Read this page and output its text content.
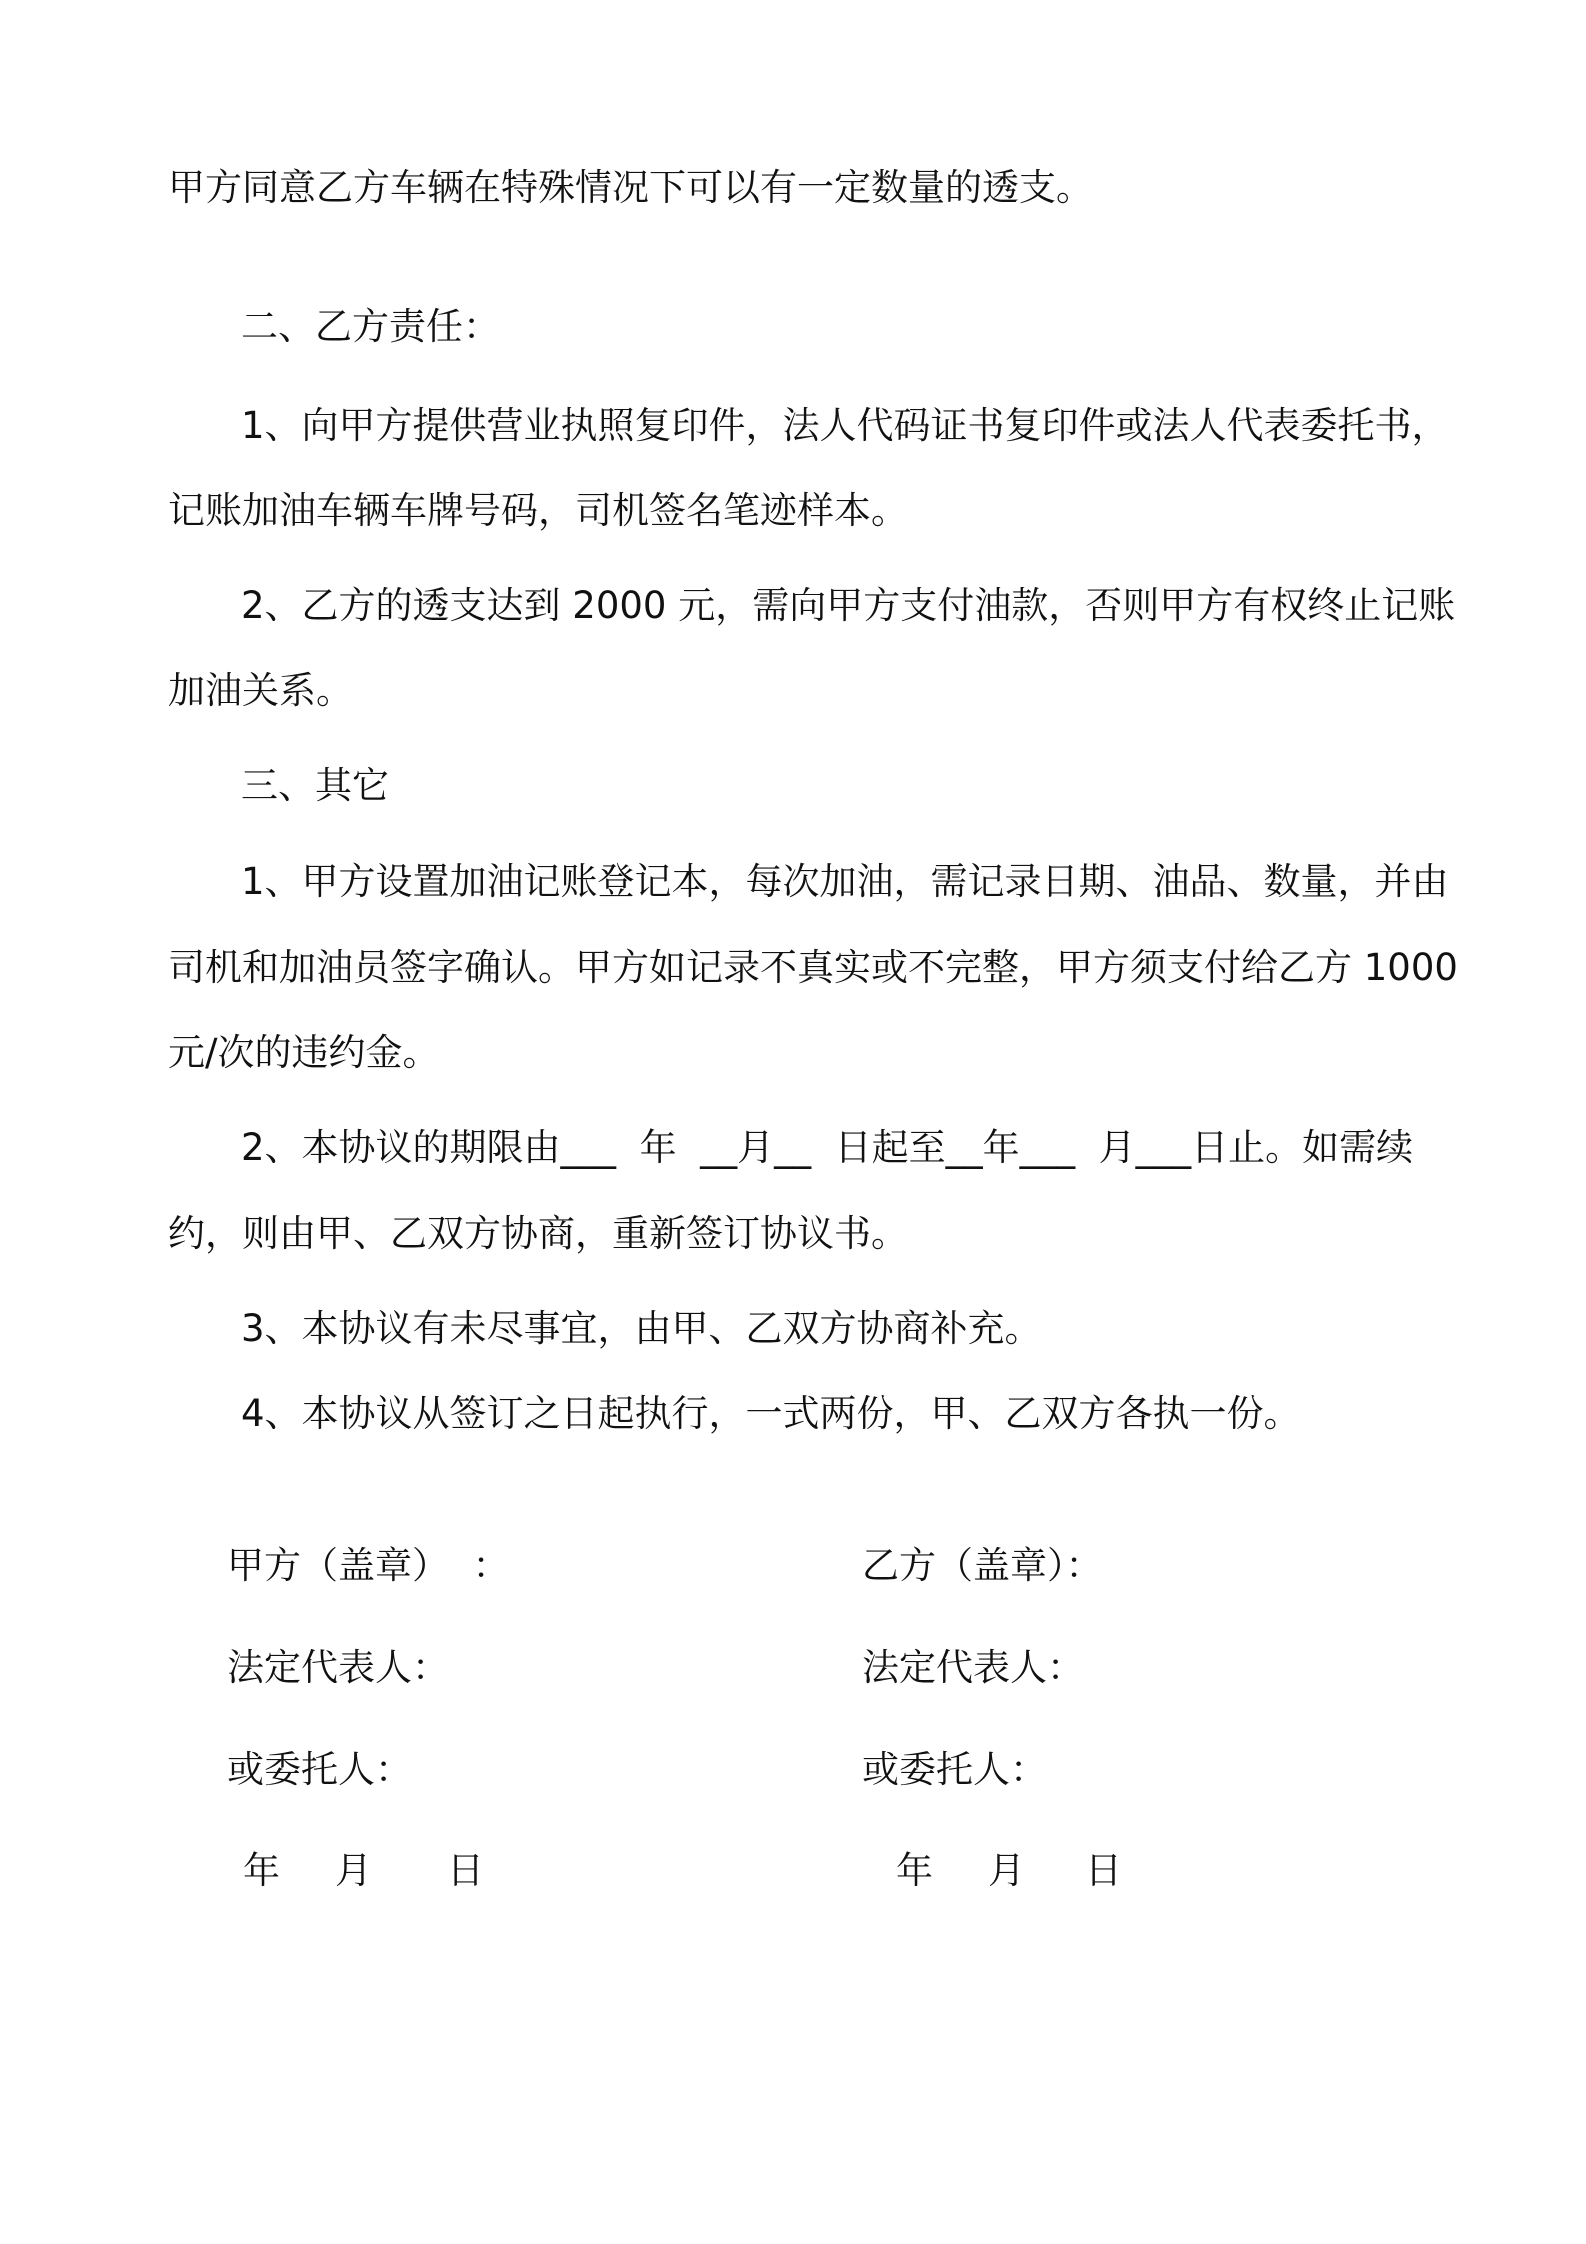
甲方同意乙方车辆在特殊情况下可以有一定数量的透支。

二、乙方责任：

1、向甲方提供营业执照复印件，法人代码证书复印件或法人代表委托书，

记账加油车辆车牌号码，司机签名笔迹样本。

2、乙方的透支达到 2000 元，需向甲方支付油款，否则甲方有权终止记账

加油关系。

三、其它

1、甲方设置加油记账登记本，每次加油，需记录日期、油品、数量，并由

司机和加油员签字确认。甲方如记录不真实或不完整，甲方须支付给乙方 1000

元/次的违约金。

2、本协议的期限由___  年  __月__  日起至__年___  月___日止。如需续

约，则由甲、乙双方协商，重新签订协议书。

3、本协议有未尽事宜，由甲、乙双方协商补充。

4、本协议从签订之日起执行，一式两份，甲、乙双方各执一份。

甲方（盖章）  ：
法定代表人：
或委托人：
年 月 日
乙方（盖章）：
法定代表人：
或委托人：
年 月 日
